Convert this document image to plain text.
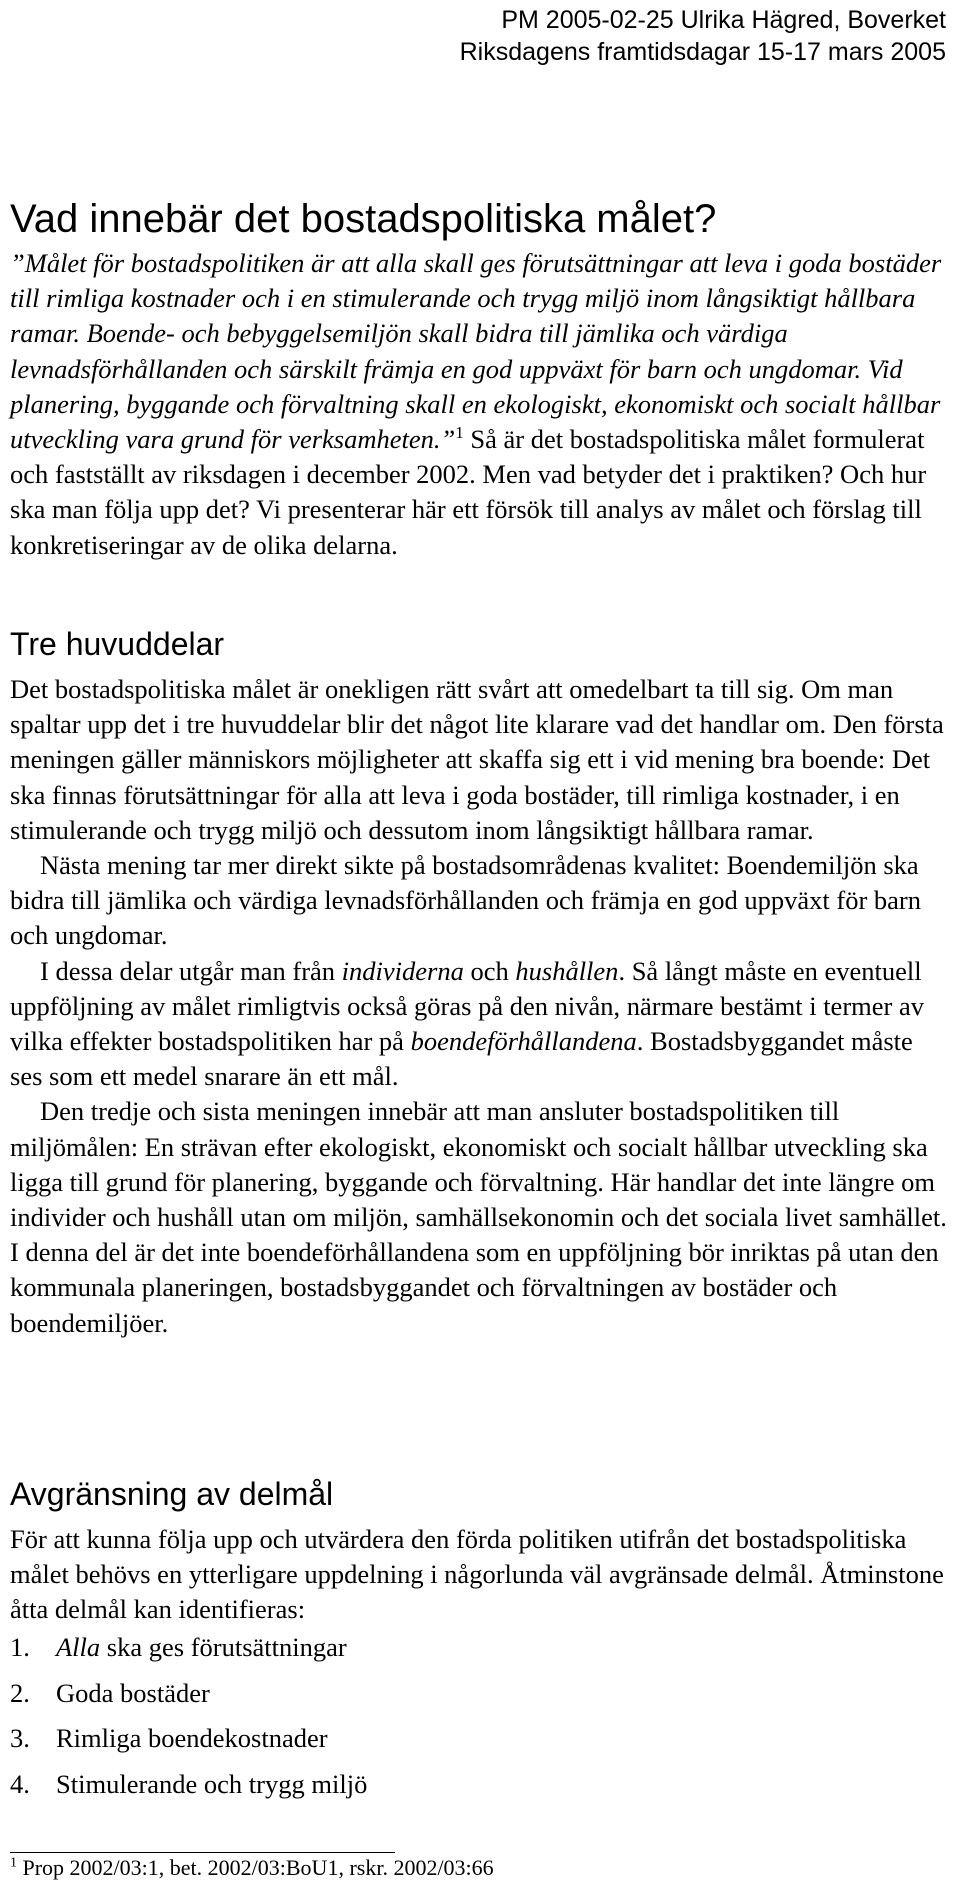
PM 2005-02-25 Ulrika Hägred, Boverket
Riksdagens framtidsdagar 15-17 mars 2005
Vad innebär det bostadspolitiska målet?

”Målet för bostadspolitiken är att alla skall ges förutsättningar att leva i goda bostäder till rimliga kostnader och i en stimulerande och trygg miljö inom långsiktigt hållbara ramar. Boende- och bebyggelsemiljön skall bidra till jämlika och värdiga levnadsförhållanden och särskilt främja en god uppväxt för barn och ungdomar. Vid planering, byggande och förvaltning skall en ekologiskt, ekonomiskt och socialt hållbar utveckling vara grund för verksamheten.”$^1$ Så är det bostadspolitiska målet formulerat och fastställt av riksdagen i december 2002. Men vad betyder det i praktiken? Och hur ska man följa upp det? Vi presenterar här ett försök till analys av målet och förslag till konkretiseringar av de olika delarna.

Tre huvuddelar

Det bostadspolitiska målet är onekligen rätt svårt att omedelbart ta till sig. Om man spaltar upp det i tre huvuddelar blir det något lite klarare vad det handlar om. Den första meningen gäller människors möjligheter att skaffa sig ett i vid mening bra boende: Det ska finnas förutsättningar för alla att leva i goda bostäder, till rimliga kostnader, i en stimulerande och trygg miljö och dessutom inom långsiktigt hållbara ramar.

Nästa mening tar mer direkt sikte på bostadsområdenas kvalitet: Boendemiljön ska bidra till jämlika och värdiga levnadsförhållanden och främja en god uppväxt för barn och ungdomar.

I dessa delar utgår man från individerna och hushållen. Så långt måste en eventuell uppföljning av målet rimligtvis också göras på den nivån, närmare bestämt i termer av vilka effekter bostadspolitiken har på boendeförhållandena. Bostadsbyggandet måste ses som ett medel snarare än ett mål.

Den tredje och sista meningen innebär att man ansluter bostadspolitiken till miljömålen: En strävan efter ekologiskt, ekonomiskt och socialt hållbar utveckling ska ligga till grund för planering, byggande och förvaltning. Här handlar det inte längre om individer och hushåll utan om miljön, samhällsekonomin och det sociala livet samhället. I denna del är det inte boendeförhållandena som en uppföljning bör inriktas på utan den kommunala planeringen, bostadsbyggandet och förvaltningen av bostäder och boendemiljöer.

Avgränsning av delmål

För att kunna följa upp och utvärdera den förda politiken utifrån det bostadspolitiska målet behövs en ytterligare uppdelning i någorlunda väl avgränsade delmål. Åtminstone åtta delmål kan identifieras:

1. Alla ska ges förutsättningar
2. Goda bostäder
3. Rimliga boendekostnader
4. Stimulerande och trygg miljö
$^1$ Prop 2002/03:1, bet. 2002/03:BoU1, rskr. 2002/03:66
